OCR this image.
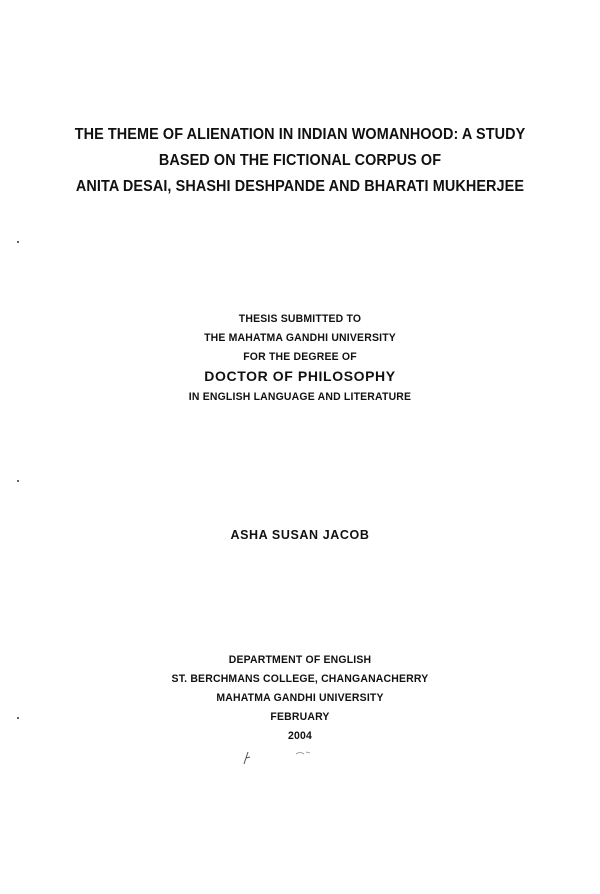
THE THEME OF ALIENATION IN INDIAN WOMANHOOD: A STUDY
BASED ON THE FICTIONAL CORPUS OF
ANITA DESAI, SHASHI DESHPANDE AND BHARATI MUKHERJEE
THESIS SUBMITTED TO
THE MAHATMA GANDHI UNIVERSITY
FOR THE DEGREE OF
DOCTOR OF PHILOSOPHY
IN ENGLISH LANGUAGE AND LITERATURE
ASHA SUSAN JACOB
DEPARTMENT OF ENGLISH
ST. BERCHMANS COLLEGE, CHANGANACHERRY
MAHATMA GANDHI UNIVERSITY
FEBRUARY
2004
